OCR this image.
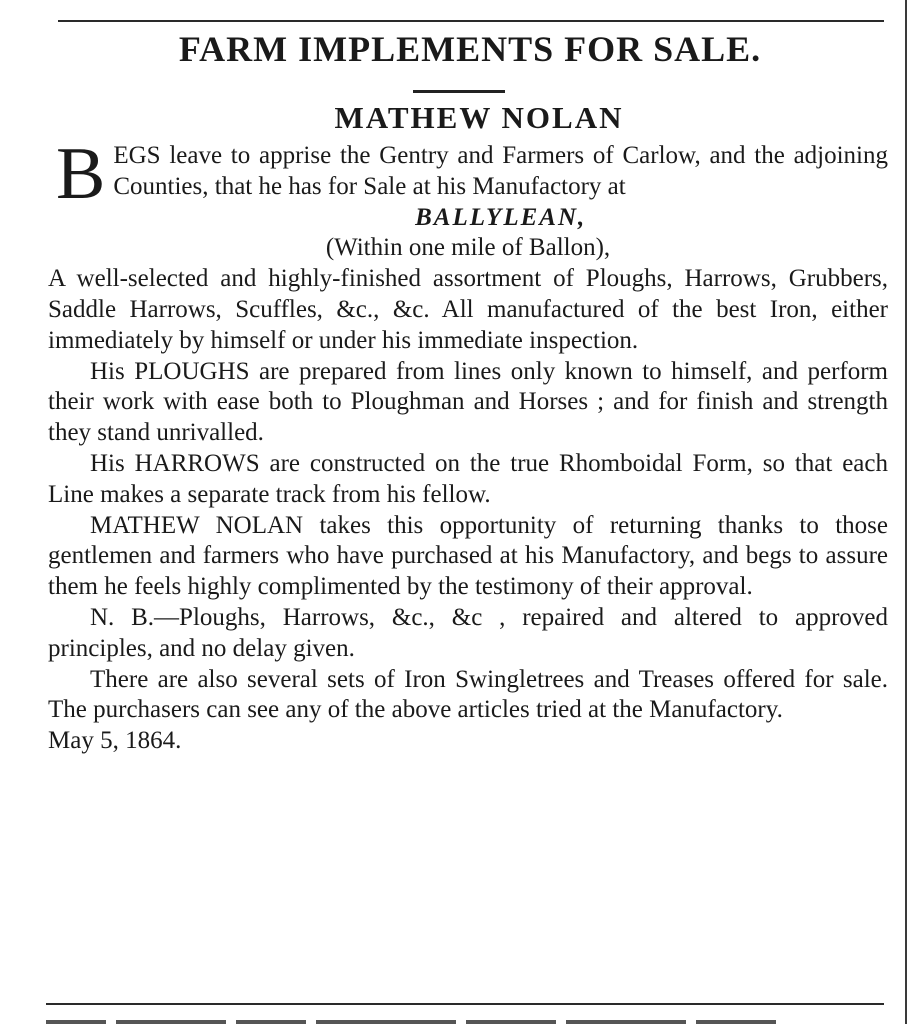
FARM IMPLEMENTS FOR SALE.
MATHEW NOLAN

BEGS leave to apprise the Gentry and Farmers of Carlow, and the adjoining Counties, that he has for Sale at his Manufactory at

BALLYLEAN,

(Within one mile of Ballon),

A well-selected and highly-finished assortment of Ploughs, Harrows, Grubbers, Saddle Harrows, Scuffles, &c., &c. All manufactured of the best Iron, either immediately by himself or under his immediate inspection.

His PLOUGHS are prepared from lines only known to himself, and perform their work with ease both to Ploughman and Horses ; and for finish and strength they stand unrivalled.

His HARROWS are constructed on the true Rhomboidal Form, so that each Line makes a separate track from his fellow.

MATHEW NOLAN takes this opportunity of returning thanks to those gentlemen and farmers who have purchased at his Manufactory, and begs to assure them he feels highly complimented by the testimony of their approval.

N. B.—Ploughs, Harrows, &c., &c , repaired and altered to approved principles, and no delay given.

There are also several sets of Iron Swingletrees and Treases offered for sale. The purchasers can see any of the above articles tried at the Manufactory.

May 5, 1864.
